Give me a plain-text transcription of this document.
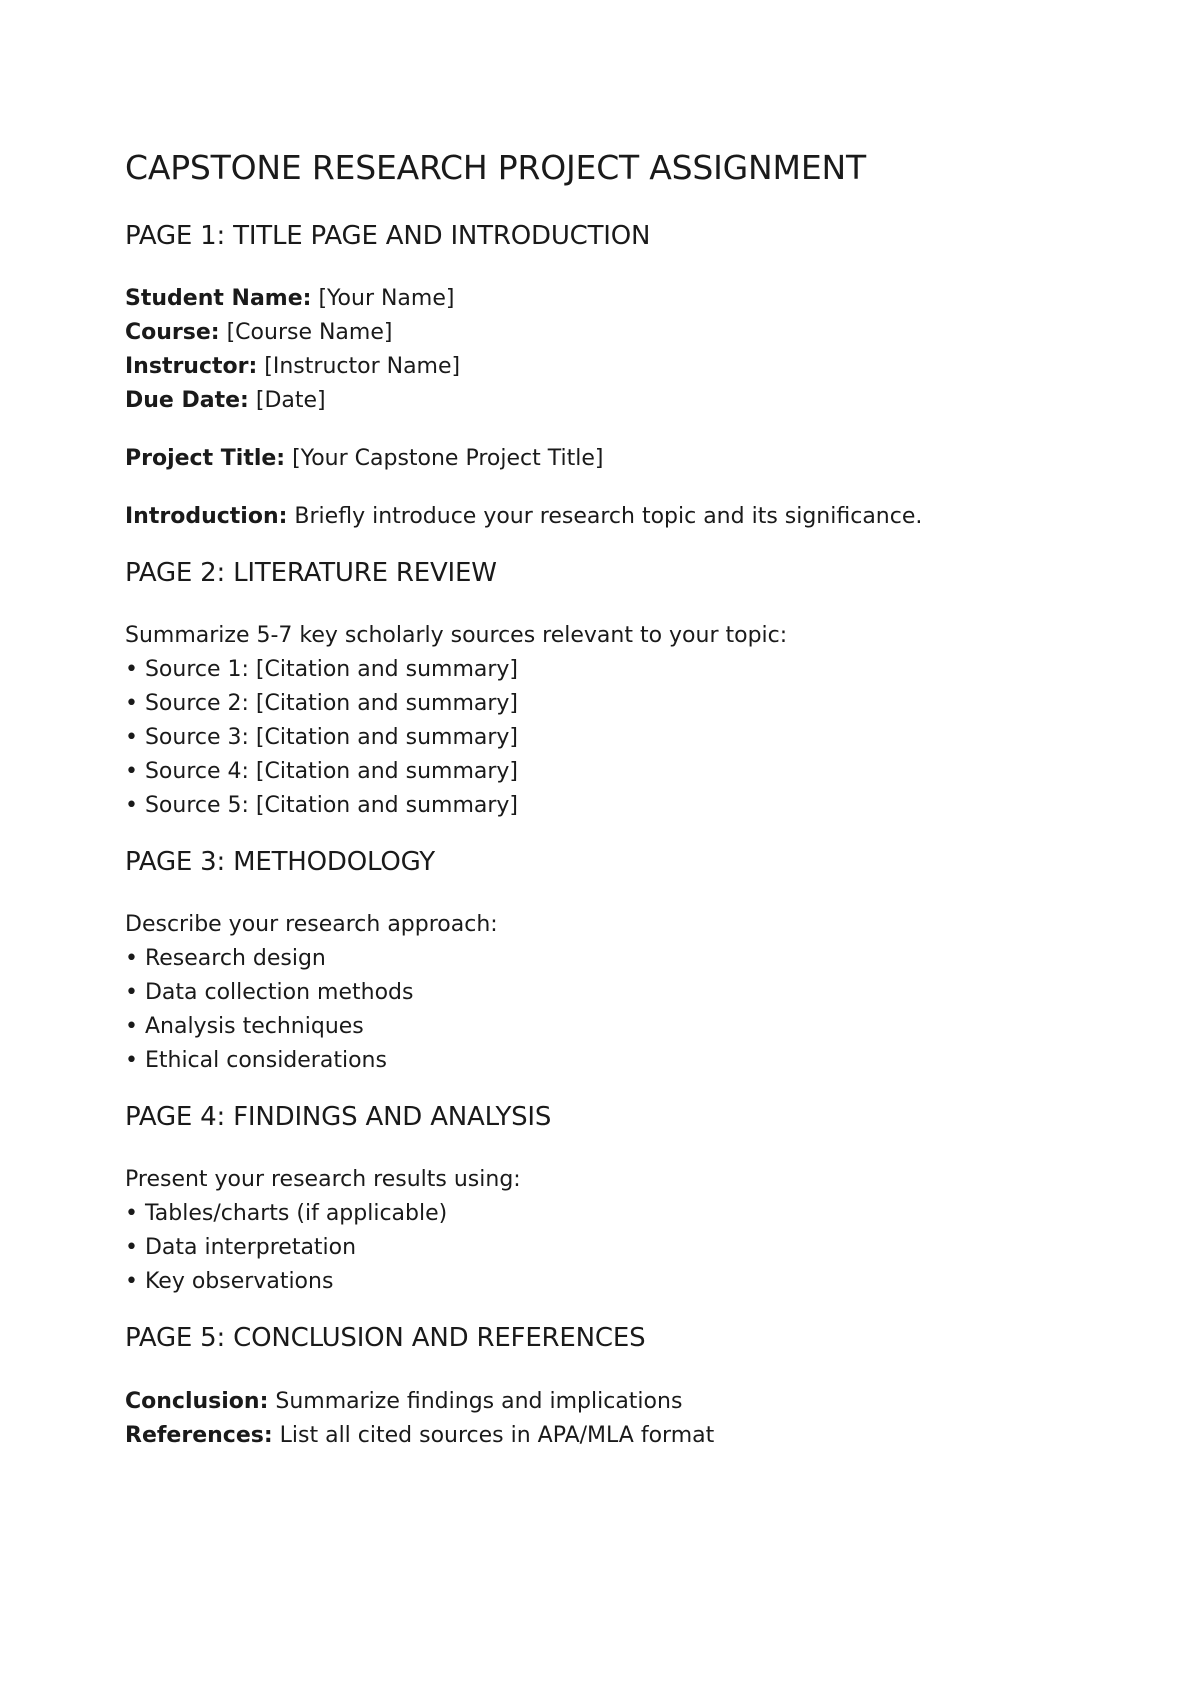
CAPSTONE RESEARCH PROJECT ASSIGNMENT
PAGE 1: TITLE PAGE AND INTRODUCTION
Student Name: [Your Name]
Course: [Course Name]
Instructor: [Instructor Name]
Due Date: [Date]
Project Title: [Your Capstone Project Title]
Introduction: Briefly introduce your research topic and its significance.
PAGE 2: LITERATURE REVIEW
Summarize 5-7 key scholarly sources relevant to your topic:
• Source 1: [Citation and summary]
• Source 2: [Citation and summary]
• Source 3: [Citation and summary]
• Source 4: [Citation and summary]
• Source 5: [Citation and summary]
PAGE 3: METHODOLOGY
Describe your research approach:
• Research design
• Data collection methods
• Analysis techniques
• Ethical considerations
PAGE 4: FINDINGS AND ANALYSIS
Present your research results using:
• Tables/charts (if applicable)
• Data interpretation
• Key observations
PAGE 5: CONCLUSION AND REFERENCES
Conclusion: Summarize findings and implications
References: List all cited sources in APA/MLA format
